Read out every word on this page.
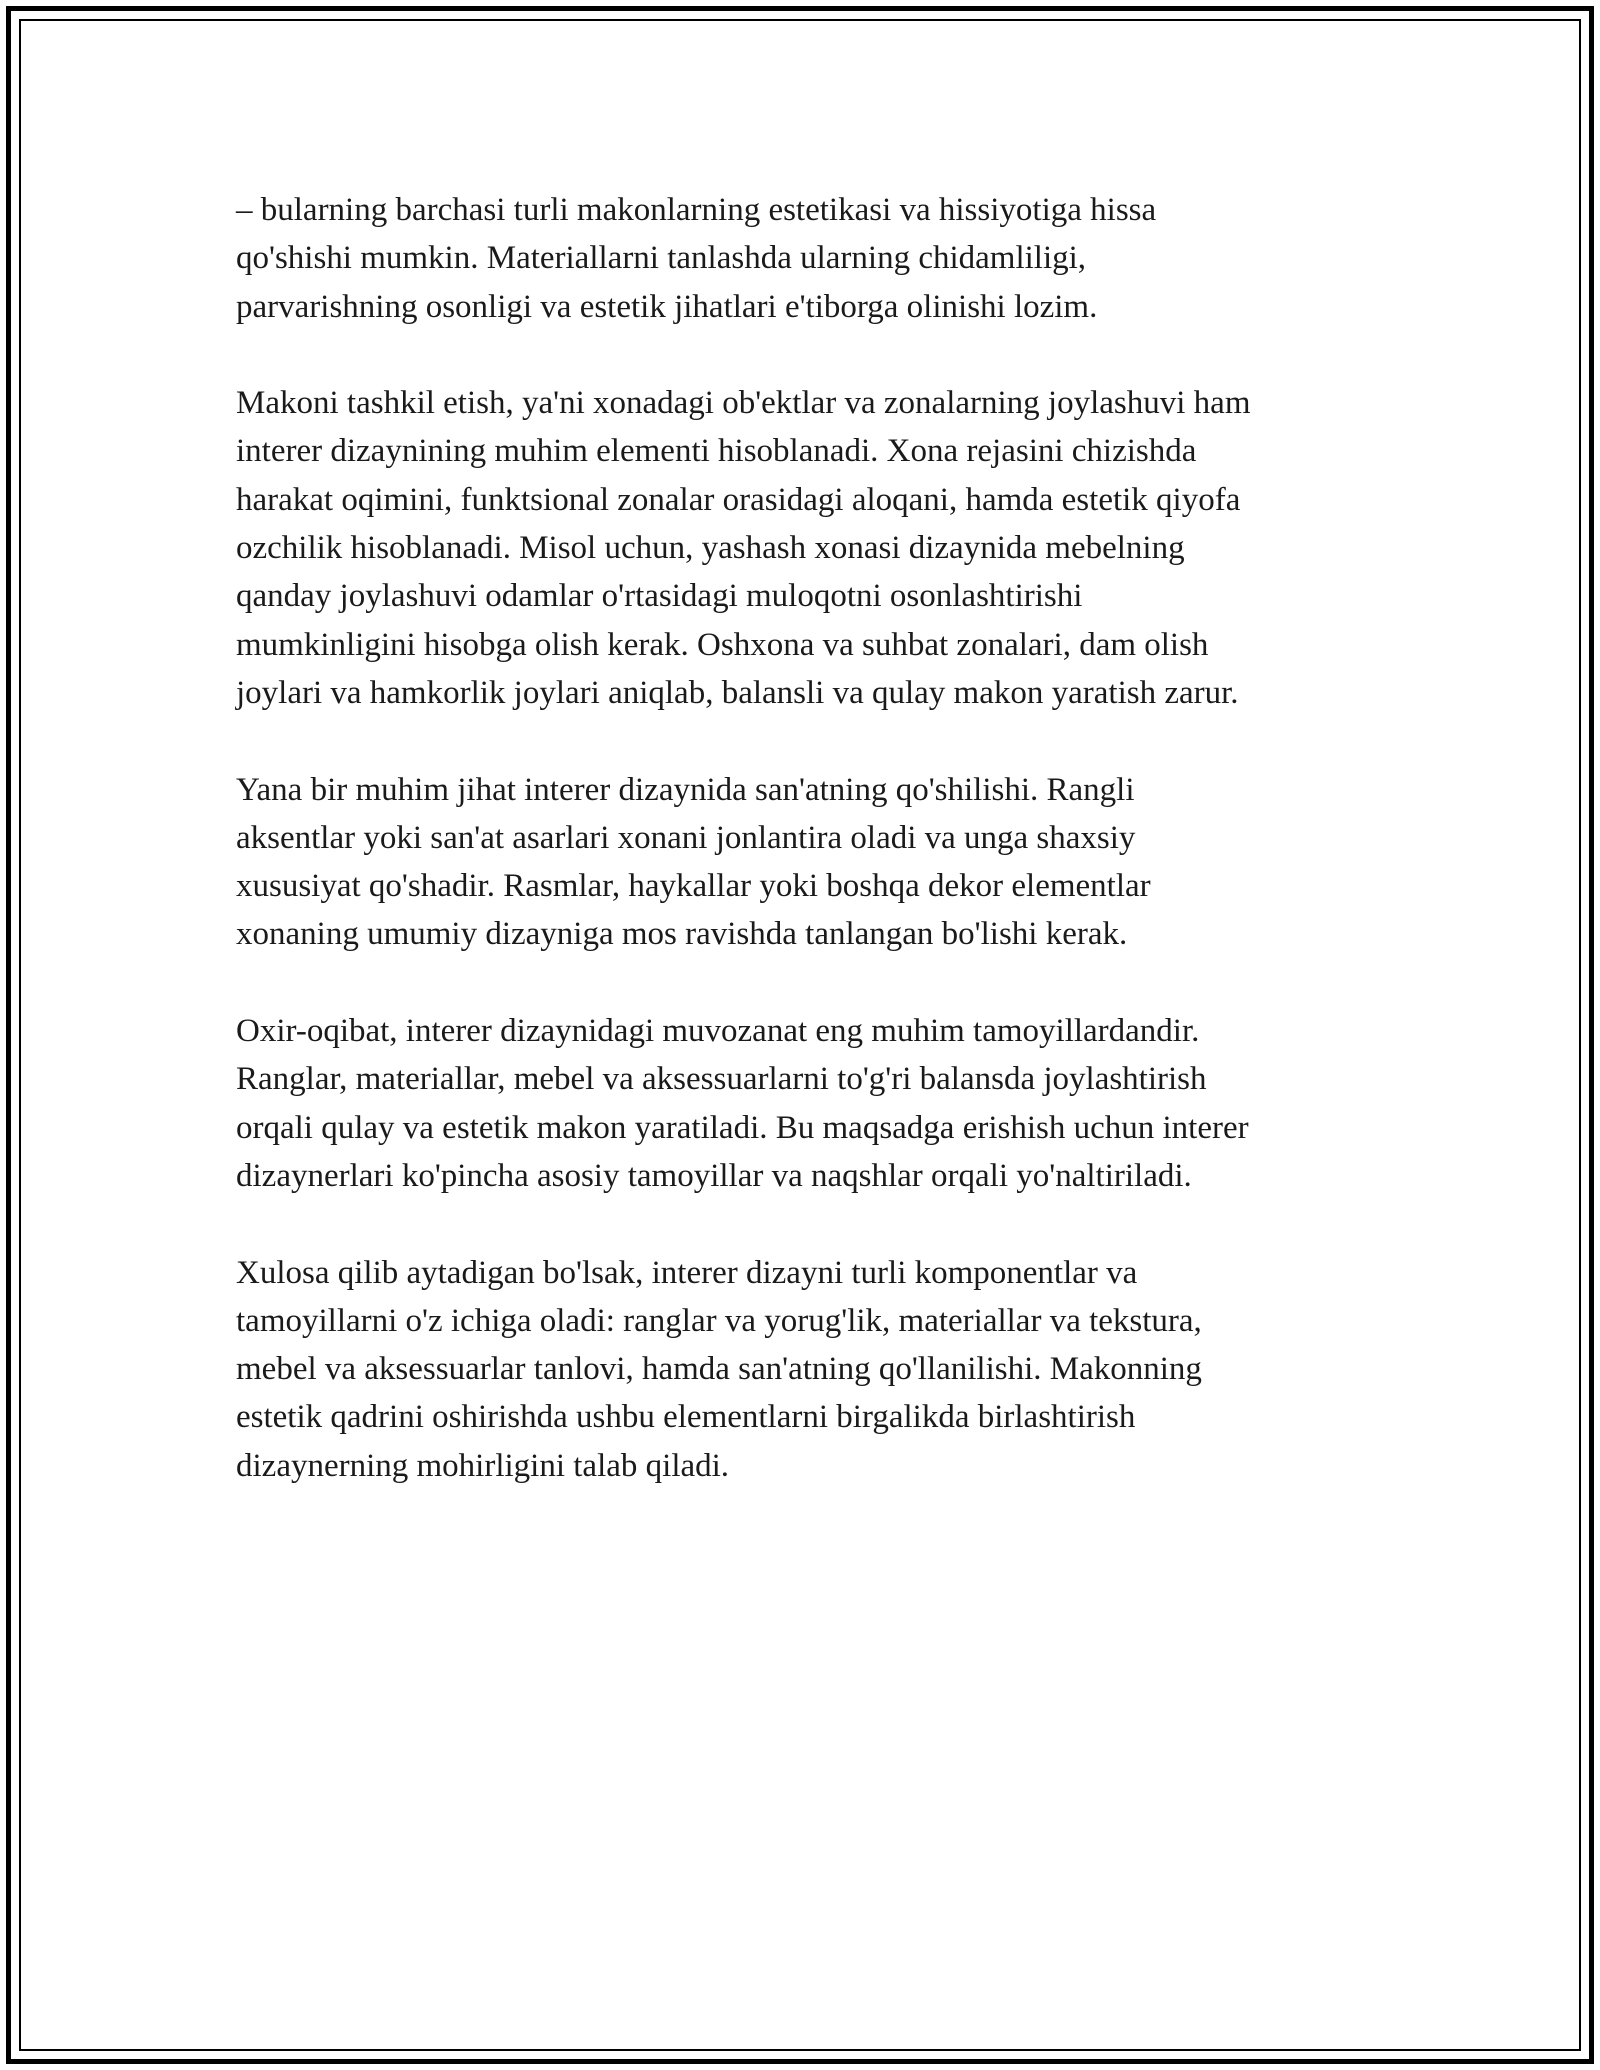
– bularning barchasi turli makonlarning estetikasi va hissiyotiga hissa
qo'shishi mumkin. Materiallarni tanlashda ularning chidamliligi,
parvarishning osonligi va estetik jihatlari e'tiborga olinishi lozim.

Makoni tashkil etish, ya'ni xonadagi ob'ektlar va zonalarning joylashuvi ham
interer dizaynining muhim elementi hisoblanadi. Xona rejasini chizishda
harakat oqimini, funktsional zonalar orasidagi aloqani, hamda estetik qiyofa
ozchilik hisoblanadi. Misol uchun, yashash xonasi dizaynida mebelning
qanday joylashuvi odamlar o'rtasidagi muloqotni osonlashtirishi
mumkinligini hisobga olish kerak. Oshxona va suhbat zonalari, dam olish
joylari va hamkorlik joylari aniqlab, balansli va qulay makon yaratish zarur.

Yana bir muhim jihat interer dizaynida san'atning qo'shilishi. Rangli
aksentlar yoki san'at asarlari xonani jonlantira oladi va unga shaxsiy
xususiyat qo'shadir. Rasmlar, haykallar yoki boshqa dekor elementlar
xonaning umumiy dizayniga mos ravishda tanlangan bo'lishi kerak.

Oxir-oqibat, interer dizaynidagi muvozanat eng muhim tamoyillardandir.
Ranglar, materiallar, mebel va aksessuarlarni to'g'ri balansda joylashtirish
orqali qulay va estetik makon yaratiladi. Bu maqsadga erishish uchun interer
dizaynerlari ko'pincha asosiy tamoyillar va naqshlar orqali yo'naltiriladi.

Xulosa qilib aytadigan bo'lsak, interer dizayni turli komponentlar va
tamoyillarni o'z ichiga oladi: ranglar va yorug'lik, materiallar va tekstura,
mebel va aksessuarlar tanlovi, hamda san'atning qo'llanilishi. Makonning
estetik qadrini oshirishda ushbu elementlarni birgalikda birlashtirish
dizaynerning mohirligini talab qiladi.
